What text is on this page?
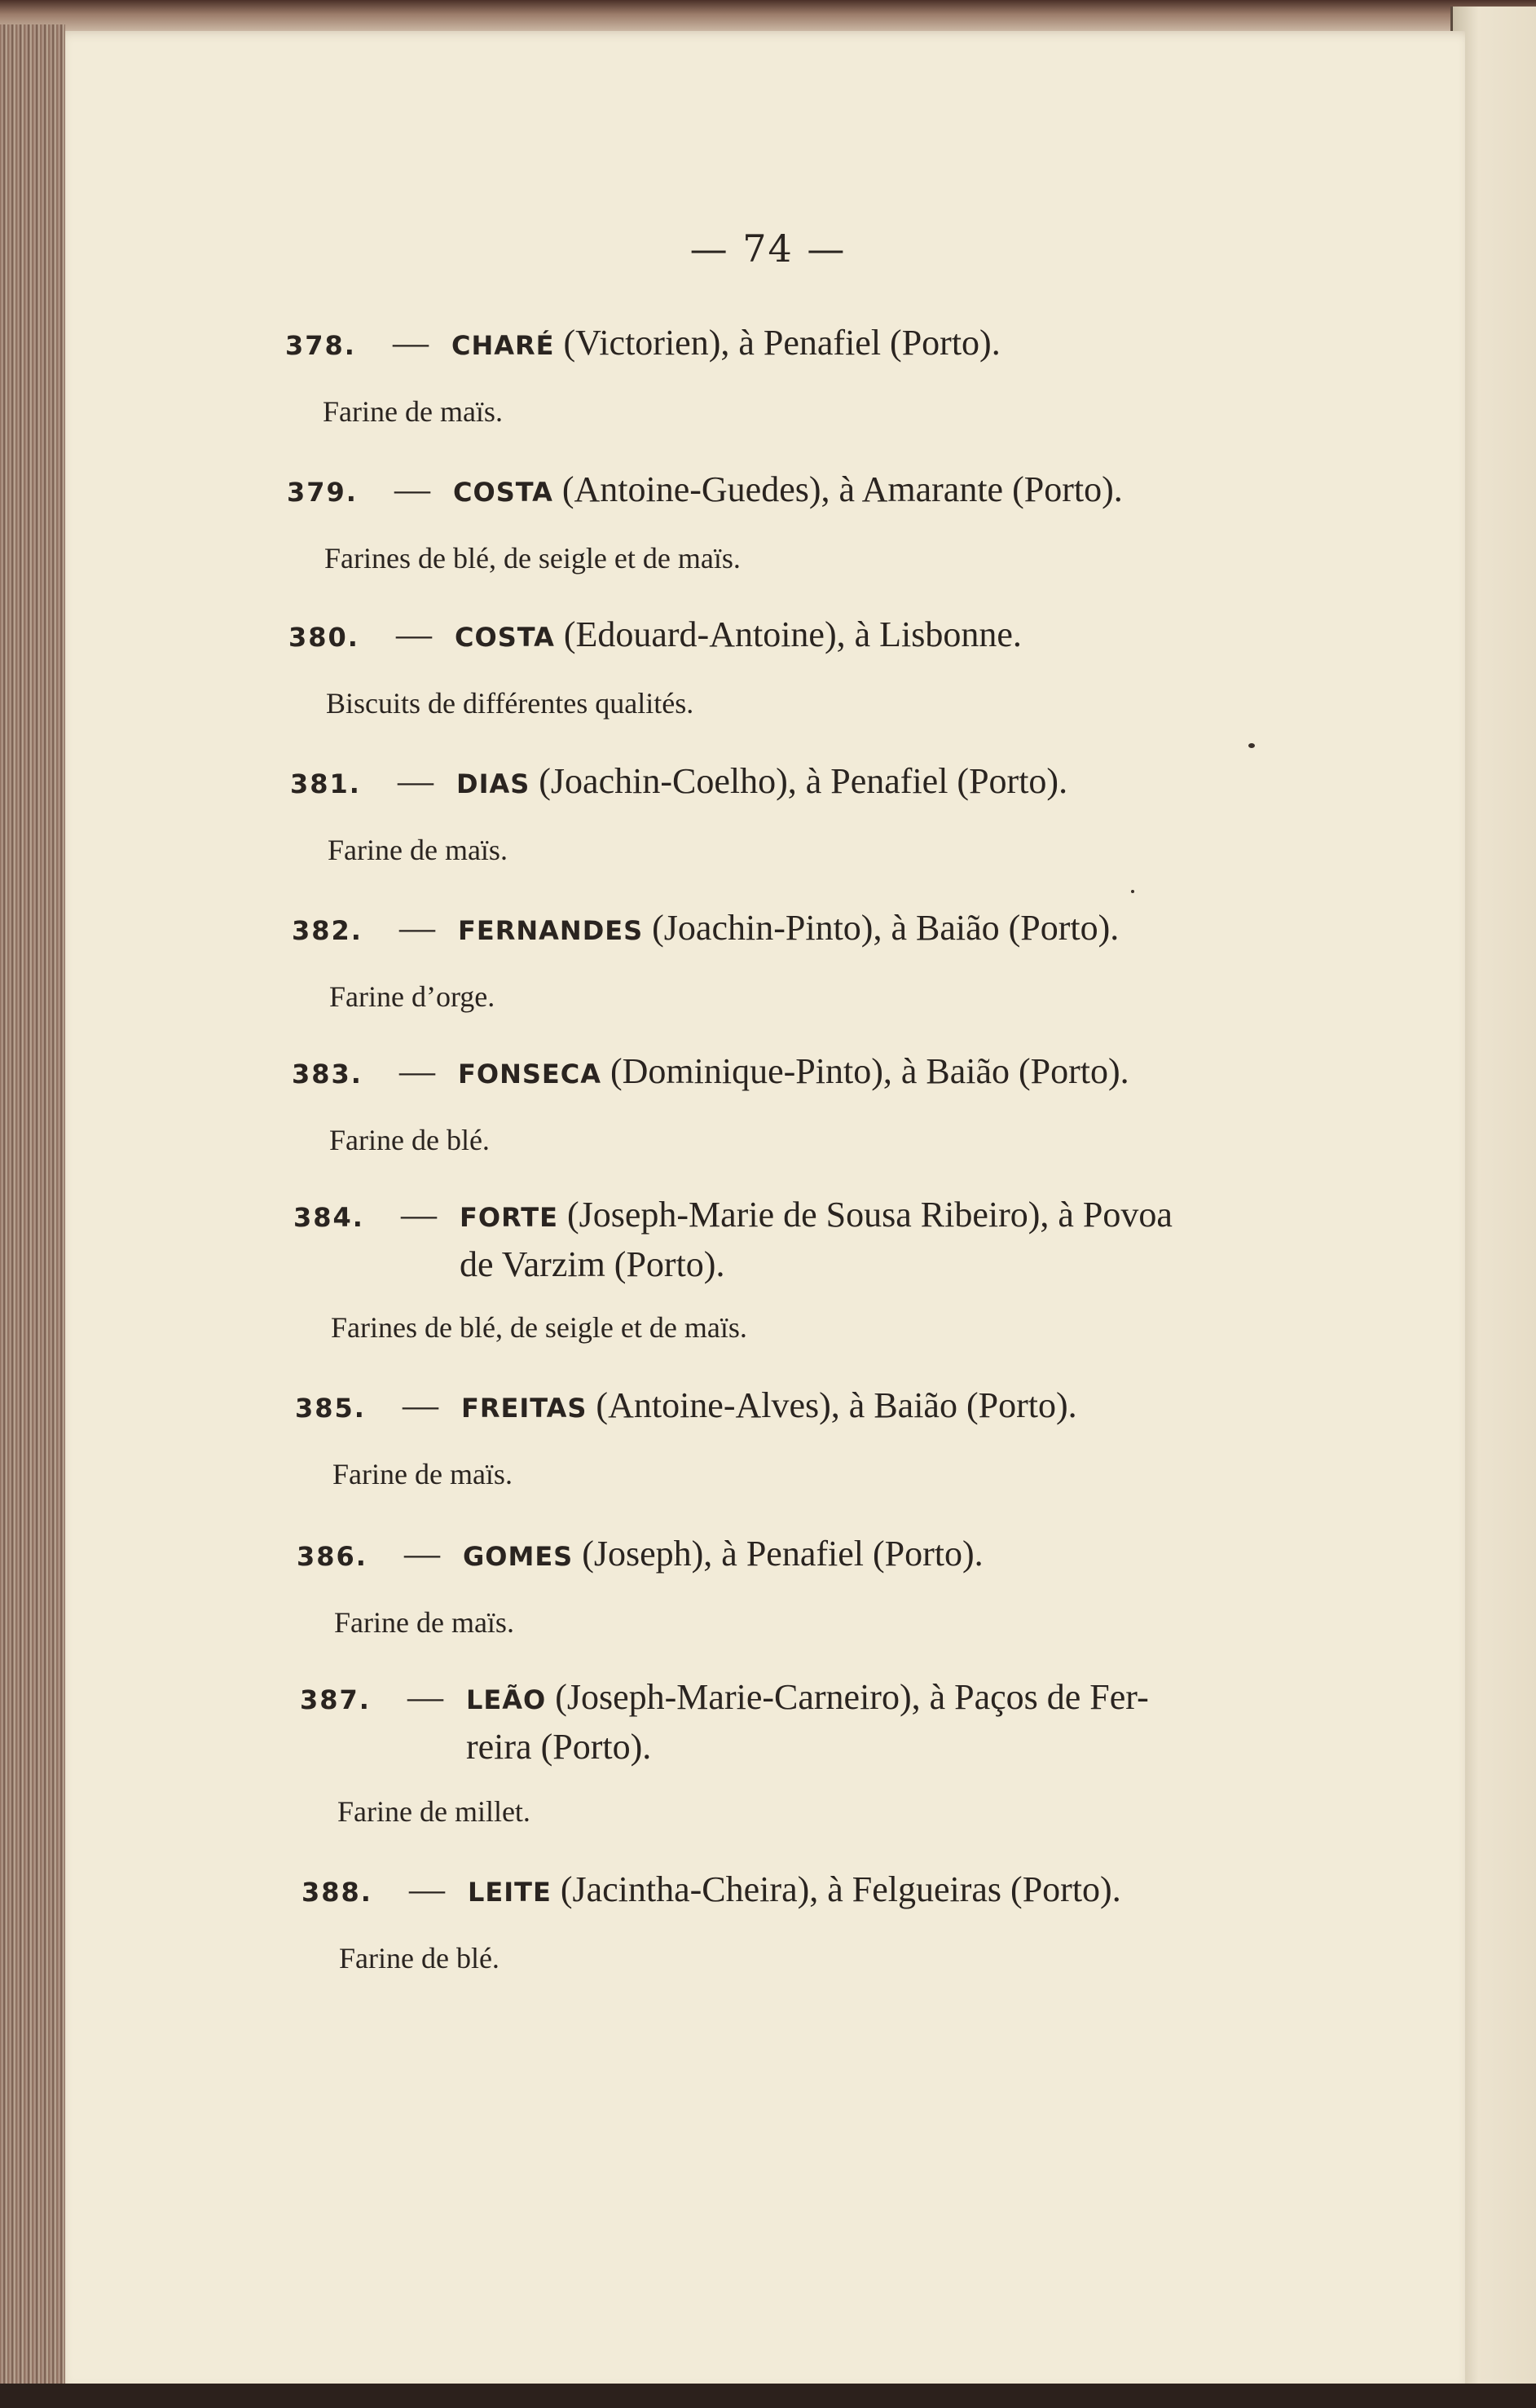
— 74 —
378. — CHARÉ (Victorien), à Penafiel (Porto).
Farine de maïs.
379. — COSTA (Antoine-Guedes), à Amarante (Porto).
Farines de blé, de seigle et de maïs.
380. — COSTA (Edouard-Antoine), à Lisbonne.
Biscuits de différentes qualités.
381. — DIAS (Joachin-Coelho), à Penafiel (Porto).
Farine de maïs.
382. — FERNANDES (Joachin-Pinto), à Baião (Porto).
Farine d’orge.
383. — FONSECA (Dominique-Pinto), à Baião (Porto).
Farine de blé.
384. — FORTE (Joseph-Marie de Sousa Ribeiro), à Povoa
de Varzim (Porto).
Farines de blé, de seigle et de maïs.
385. — FREITAS (Antoine-Alves), à Baião (Porto).
Farine de maïs.
386. — GOMES (Joseph), à Penafiel (Porto).
Farine de maïs.
387. — LEÃO (Joseph-Marie-Carneiro), à Paços de Fer-
reira (Porto).
Farine de millet.
388. — LEITE (Jacintha-Cheira), à Felgueiras (Porto).
Farine de blé.
